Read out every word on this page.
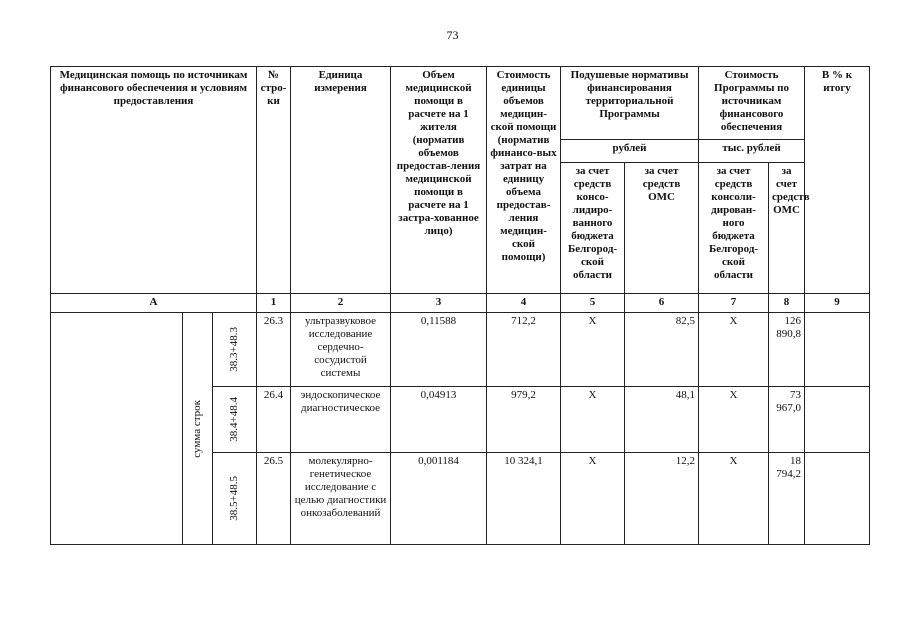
73
Медицинская помощь по источникам финансового обеспечения и условиям предоставления			№ стро-ки	Единица измерения	Объем медицинской помощи в расчете на 1 жителя (норматив объемов предостав-ления медицинской помощи в расчете на 1 застра-хованное лицо)	Стоимость единицы объемов медицин-ской помощи (норматив финансо-вых затрат на единицу объема предостав-ления медицин-ской помощи)	Подушевые нормативы финансирования территориальной Программы		Стоимость Программы по источникам финансового обеспечения		В % к итогу
							рублей		тыс. рублей		
							за счет средств консо-лидиро-ванного бюджета Белгород-ской области	за счет средств ОМС	за счет средств консоли-дирован-ного бюджета Белгород-ской области	за счет средств ОМС	
А			1	2	3	4	5	6	7	8	9

	сумма строк	38.3+48.3	26.3	ультразвуковое исследование сердечно-сосудистой системы	0,11588	712,2	Х	82,5	Х	126 890,8	

		38.4+48.4	26.4	эндоскопическое диагностическое	0,04913	979,2	Х	48,1	Х	73 967,0	

		38.5+48.5	26.5	молекулярно-генетическое исследование с целью диагностики онкозаболеваний	0,001184	10 324,1	Х	12,2	Х	18 794,2	
